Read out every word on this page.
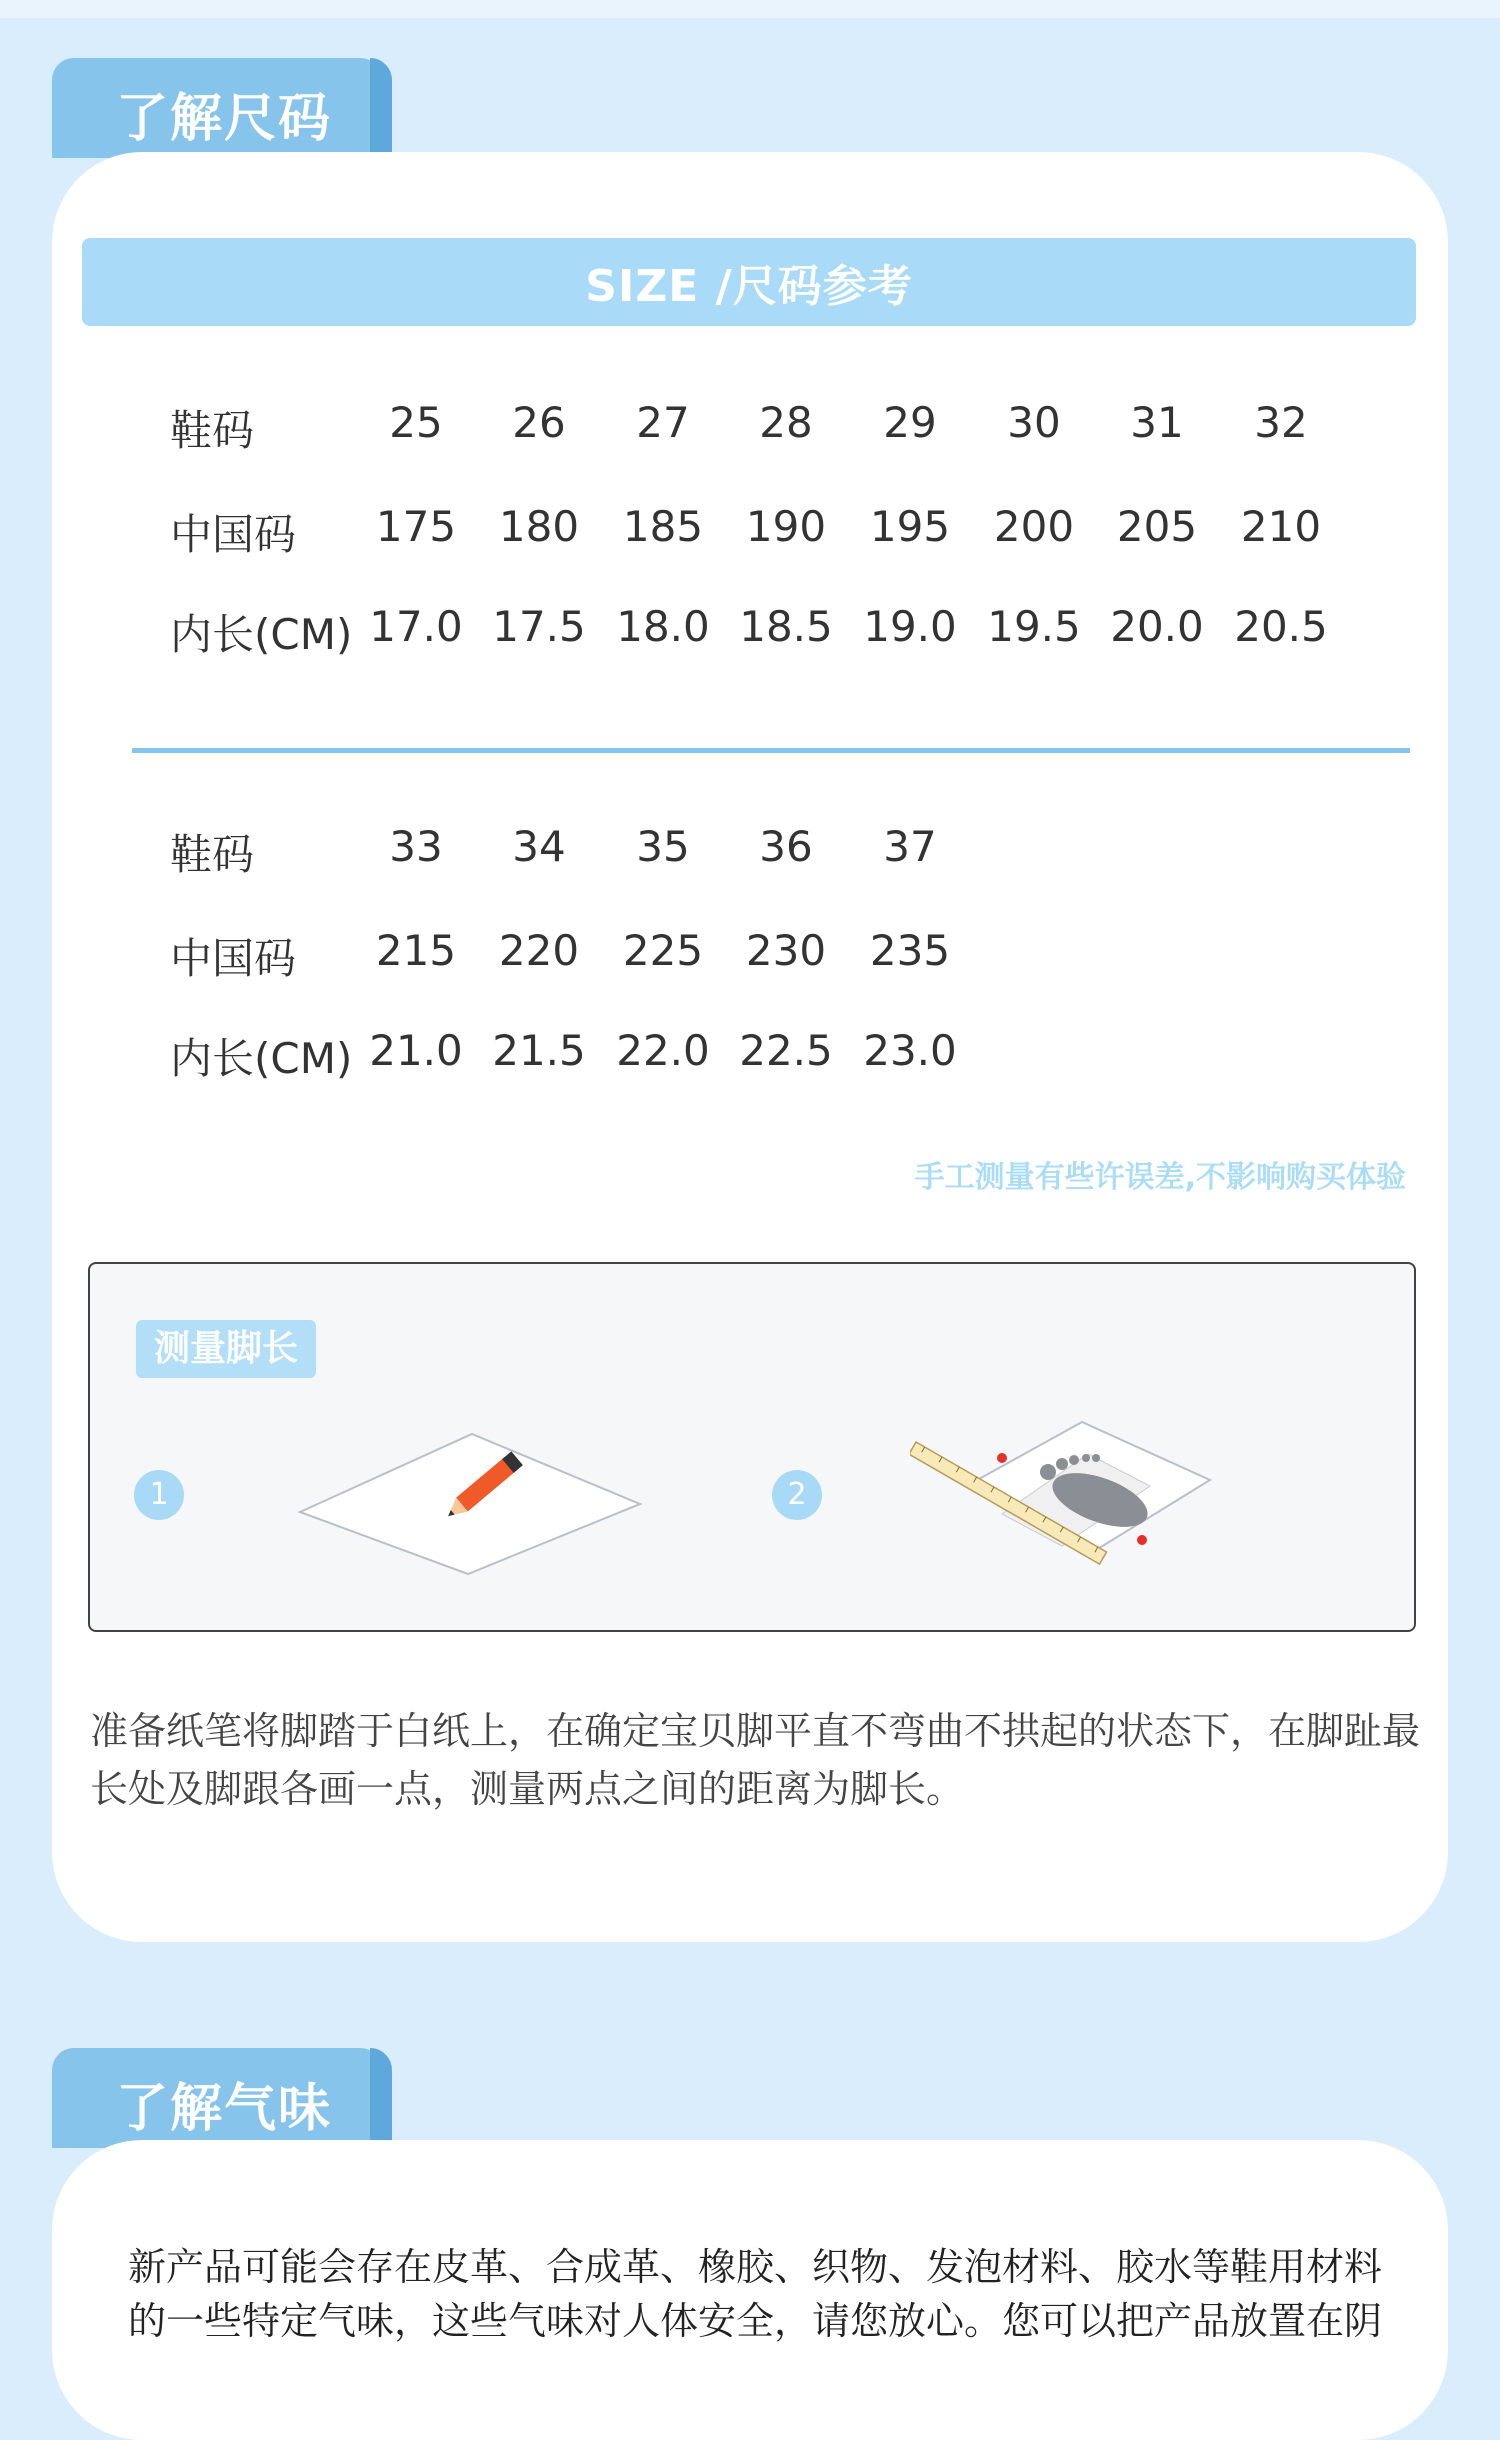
了解尺码
SIZE /尺码参考
鞋码	25	26	27	28	29	30	31	32
中国码	175	180	185	190	195	200	205	210
内长(CM) 17.0 17.5 18.0 18.5 19.0 19.5 20.0 20.5
鞋码	33	34	35	36	37
中国码	215	220	225	230	235
内长(CM) 21.0 21.5 22.0 22.5 23.0
手工测量有些许误差,不影响购买体验
测量脚长
1	2
准备纸笔将脚踏于白纸上，在确定宝贝脚平直不弯曲不拱起的状态下，在脚趾最长处及脚跟各画一点，测量两点之间的距离为脚长。
了解气味
新产品可能会存在皮革、合成革、橡胶、织物、发泡材料、胶水等鞋用材料的一些特定气味，这些气味对人体安全，请您放心。您可以把产品放置在阴
